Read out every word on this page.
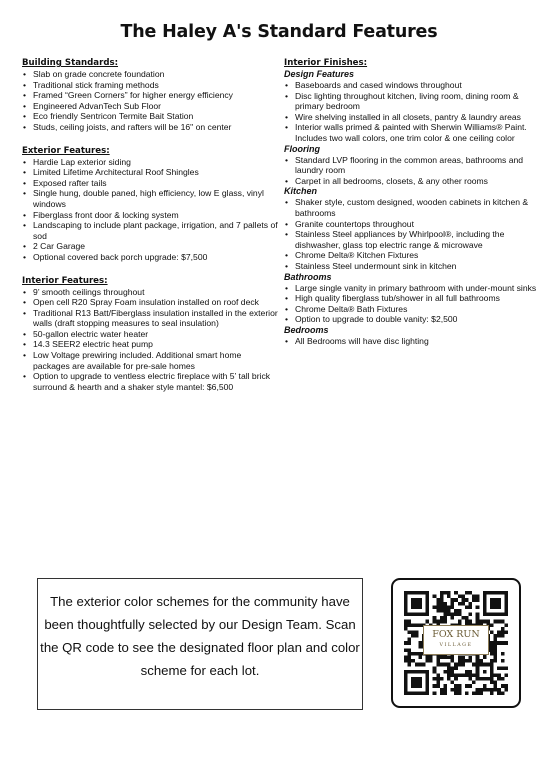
The Haley A's Standard Features
Building Standards:
• Slab on grade concrete foundation
• Traditional stick framing methods
• Framed “Green Corners” for higher energy efficiency
• Engineered AdvanTech Sub Floor
• Eco friendly Sentricon Termite Bait Station
• Studs, ceiling joists, and rafters will be 16" on center
Exterior Features:
• Hardie Lap exterior siding
• Limited Lifetime Architectural Roof Shingles
• Exposed rafter tails
• Single hung, double paned, high efficiency, low E glass, vinyl windows
• Fiberglass front door & locking system
• Landscaping to include plant package, irrigation, and 7 pallets of sod
• 2 Car Garage
• Optional covered back porch upgrade: $7,500
Interior Features:
• 9’ smooth ceilings throughout
• Open cell R20 Spray Foam insulation installed on roof deck
• Traditional R13 Batt/Fiberglass insulation installed in the exterior walls (draft stopping measures to seal insulation)
• 50-gallon electric water heater
• 14.3 SEER2 electric heat pump
• Low Voltage prewiring included. Additional smart home packages are available for pre-sale homes
• Option to upgrade to ventless electric fireplace with 5’ tall brick surround & hearth and a shaker style mantel: $6,500
Interior Finishes:
Design Features
• Baseboards and cased windows throughout
• Disc lighting throughout kitchen, living room, dining room & primary bedroom
• Wire shelving installed in all closets, pantry & laundry areas
• Interior walls primed & painted with Sherwin Williams® Paint. Includes two wall colors, one trim color & one ceiling color
Flooring
• Standard LVP flooring in the common areas, bathrooms and laundry room
• Carpet in all bedrooms, closets, & any other rooms
Kitchen
• Shaker style, custom designed, wooden cabinets in kitchen & bathrooms
• Granite countertops throughout
• Stainless Steel appliances by Whirlpool®, including the dishwasher, glass top electric range & microwave
• Chrome Delta® Kitchen Fixtures
• Stainless Steel undermount sink in kitchen
Bathrooms
• Large single vanity in primary bathroom with under-mount sinks
• High quality fiberglass tub/shower in all full bathrooms
• Chrome Delta® Bath Fixtures
• Option to upgrade to double vanity: $2,500
Bedrooms
• All Bedrooms will have disc lighting
The exterior color schemes for the community have been thoughtfully selected by our Design Team. Scan the QR code to see the designated floor plan and color scheme for each lot.
FOX RUN
VILLAGE
